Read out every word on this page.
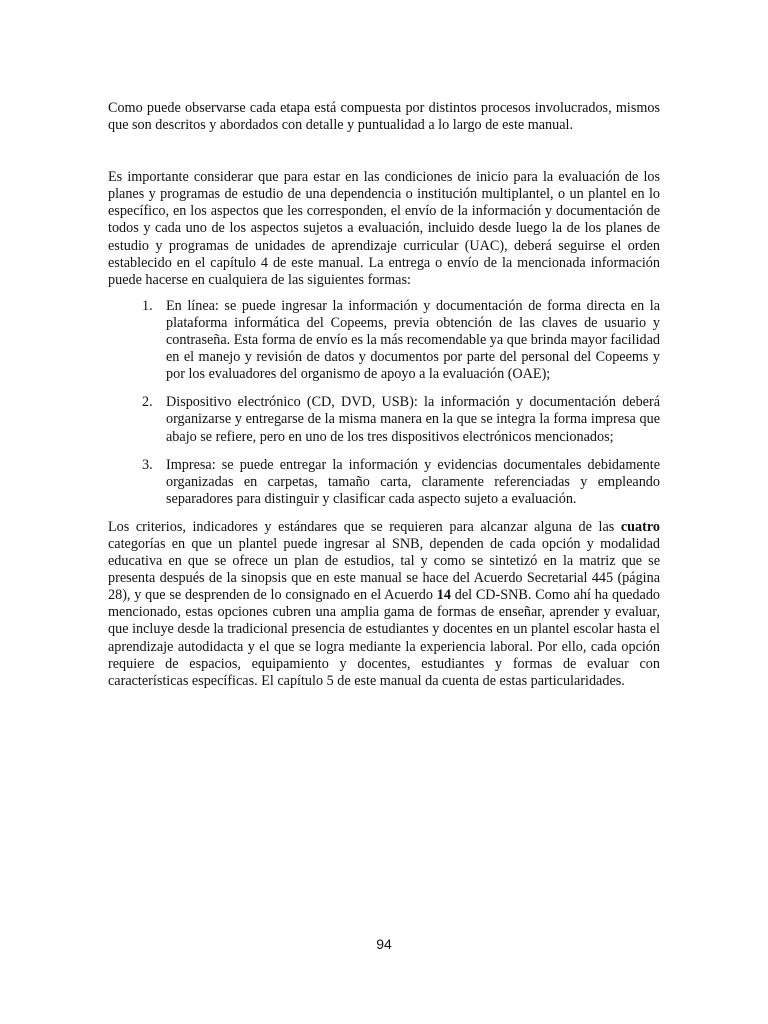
Como puede observarse cada etapa está compuesta por distintos procesos involucrados, mismos que son descritos y abordados con detalle y puntualidad a lo largo de este manual.

Es importante considerar que para estar en las condiciones de inicio para la evaluación de los planes y programas de estudio de una dependencia o institución multiplantel, o un plantel en lo específico, en los aspectos que les corresponden, el envío de la información y documentación de todos y cada uno de los aspectos sujetos a evaluación, incluido desde luego la de los planes de estudio y programas de unidades de aprendizaje curricular (UAC), deberá seguirse el orden establecido en el capítulo 4 de este manual. La entrega o envío de la mencionada información puede hacerse en cualquiera de las siguientes formas:

1. En línea: se puede ingresar la información y documentación de forma directa en la plataforma informática del Copeems, previa obtención de las claves de usuario y contraseña. Esta forma de envío es la más recomendable ya que brinda mayor facilidad en el manejo y revisión de datos y documentos por parte del personal del Copeems y por los evaluadores del organismo de apoyo a la evaluación (OAE);
2. Dispositivo electrónico (CD, DVD, USB): la información y documentación deberá organizarse y entregarse de la misma manera en la que se integra la forma impresa que abajo se refiere, pero en uno de los tres dispositivos electrónicos mencionados;
3. Impresa: se puede entregar la información y evidencias documentales debidamente organizadas en carpetas, tamaño carta, claramente referenciadas y empleando separadores para distinguir y clasificar cada aspecto sujeto a evaluación.

Los criterios, indicadores y estándares que se requieren para alcanzar alguna de las cuatro categorías en que un plantel puede ingresar al SNB, dependen de cada opción y modalidad educativa en que se ofrece un plan de estudios, tal y como se sintetizó en la matriz que se presenta después de la sinopsis que en este manual se hace del Acuerdo Secretarial 445 (página 28), y que se desprenden de lo consignado en el Acuerdo 14 del CD-SNB. Como ahí ha quedado mencionado, estas opciones cubren una amplia gama de formas de enseñar, aprender y evaluar, que incluye desde la tradicional presencia de estudiantes y docentes en un plantel escolar hasta el aprendizaje autodidacta y el que se logra mediante la experiencia laboral. Por ello, cada opción requiere de espacios, equipamiento y docentes, estudiantes y formas de evaluar con características específicas. El capítulo 5 de este manual da cuenta de estas particularidades.

94
